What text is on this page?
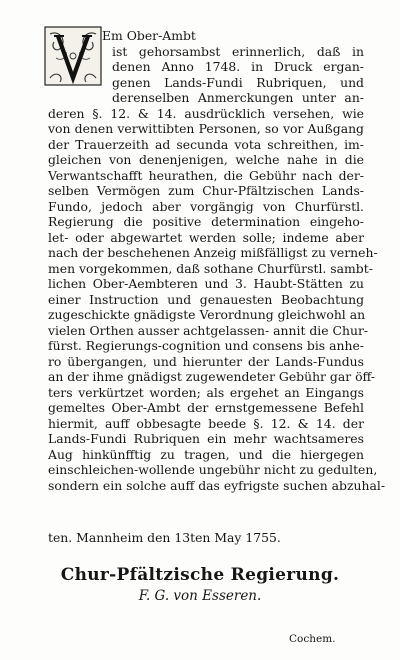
Em Ober-Ambt
ist gehorsambst erinnerlich, daß in
denen Anno 1748. in Druck ergan-
genen Lands-Fundi Rubriquen, und
derenselben Anmerckungen unter an-
deren §. 12. & 14. ausdrücklich versehen, wie
von denen verwittibten Personen, so vor Außgang
der Trauerzeith ad secunda vota schreithen, im-
gleichen von denenjenigen, welche nahe in die
Verwantschafft heurathen, die Gebühr nach der-
selben Vermögen zum Chur-Pfältzischen Lands-
Fundo, jedoch aber vorgängig von Churfürstl.
Regierung die positive determination eingeho-
let- oder abgewartet werden solle; indeme aber
nach der beschehenen Anzeig mißfälligst zu verneh-
men vorgekommen, daß sothane Churfürstl. sambt-
lichen Ober-Aembteren und 3. Haubt-Stätten zu
einer Instruction und genauesten Beobachtung
zugeschickte gnädigste Verordnung gleichwohl an
vielen Orthen ausser achtgelassen- annit die Chur-
fürst. Regierungs-cognition und consens bis anhe-
ro übergangen, und hierunter der Lands-Fundus
an der ihme gnädigst zugewendeter Gebühr gar öff-
ters verkürtzet worden; als ergehet an Eingangs
gemeltes Ober-Ambt der ernstgemessene Befehl
hiermit, auff obbesagte beede §. 12. & 14. der
Lands-Fundi Rubriquen ein mehr wachtsameres
Aug hinkünfftig zu tragen, und die hiergegen
einschleichen-wollende ungebühr nicht zu gedulten,
sondern ein solche auff das eyfrigste suchen abzuhal-
ten. Mannheim den 13ten May 1755.
Chur-Pfältzische Regierung.
F. G. von Esseren.
Cochem.
